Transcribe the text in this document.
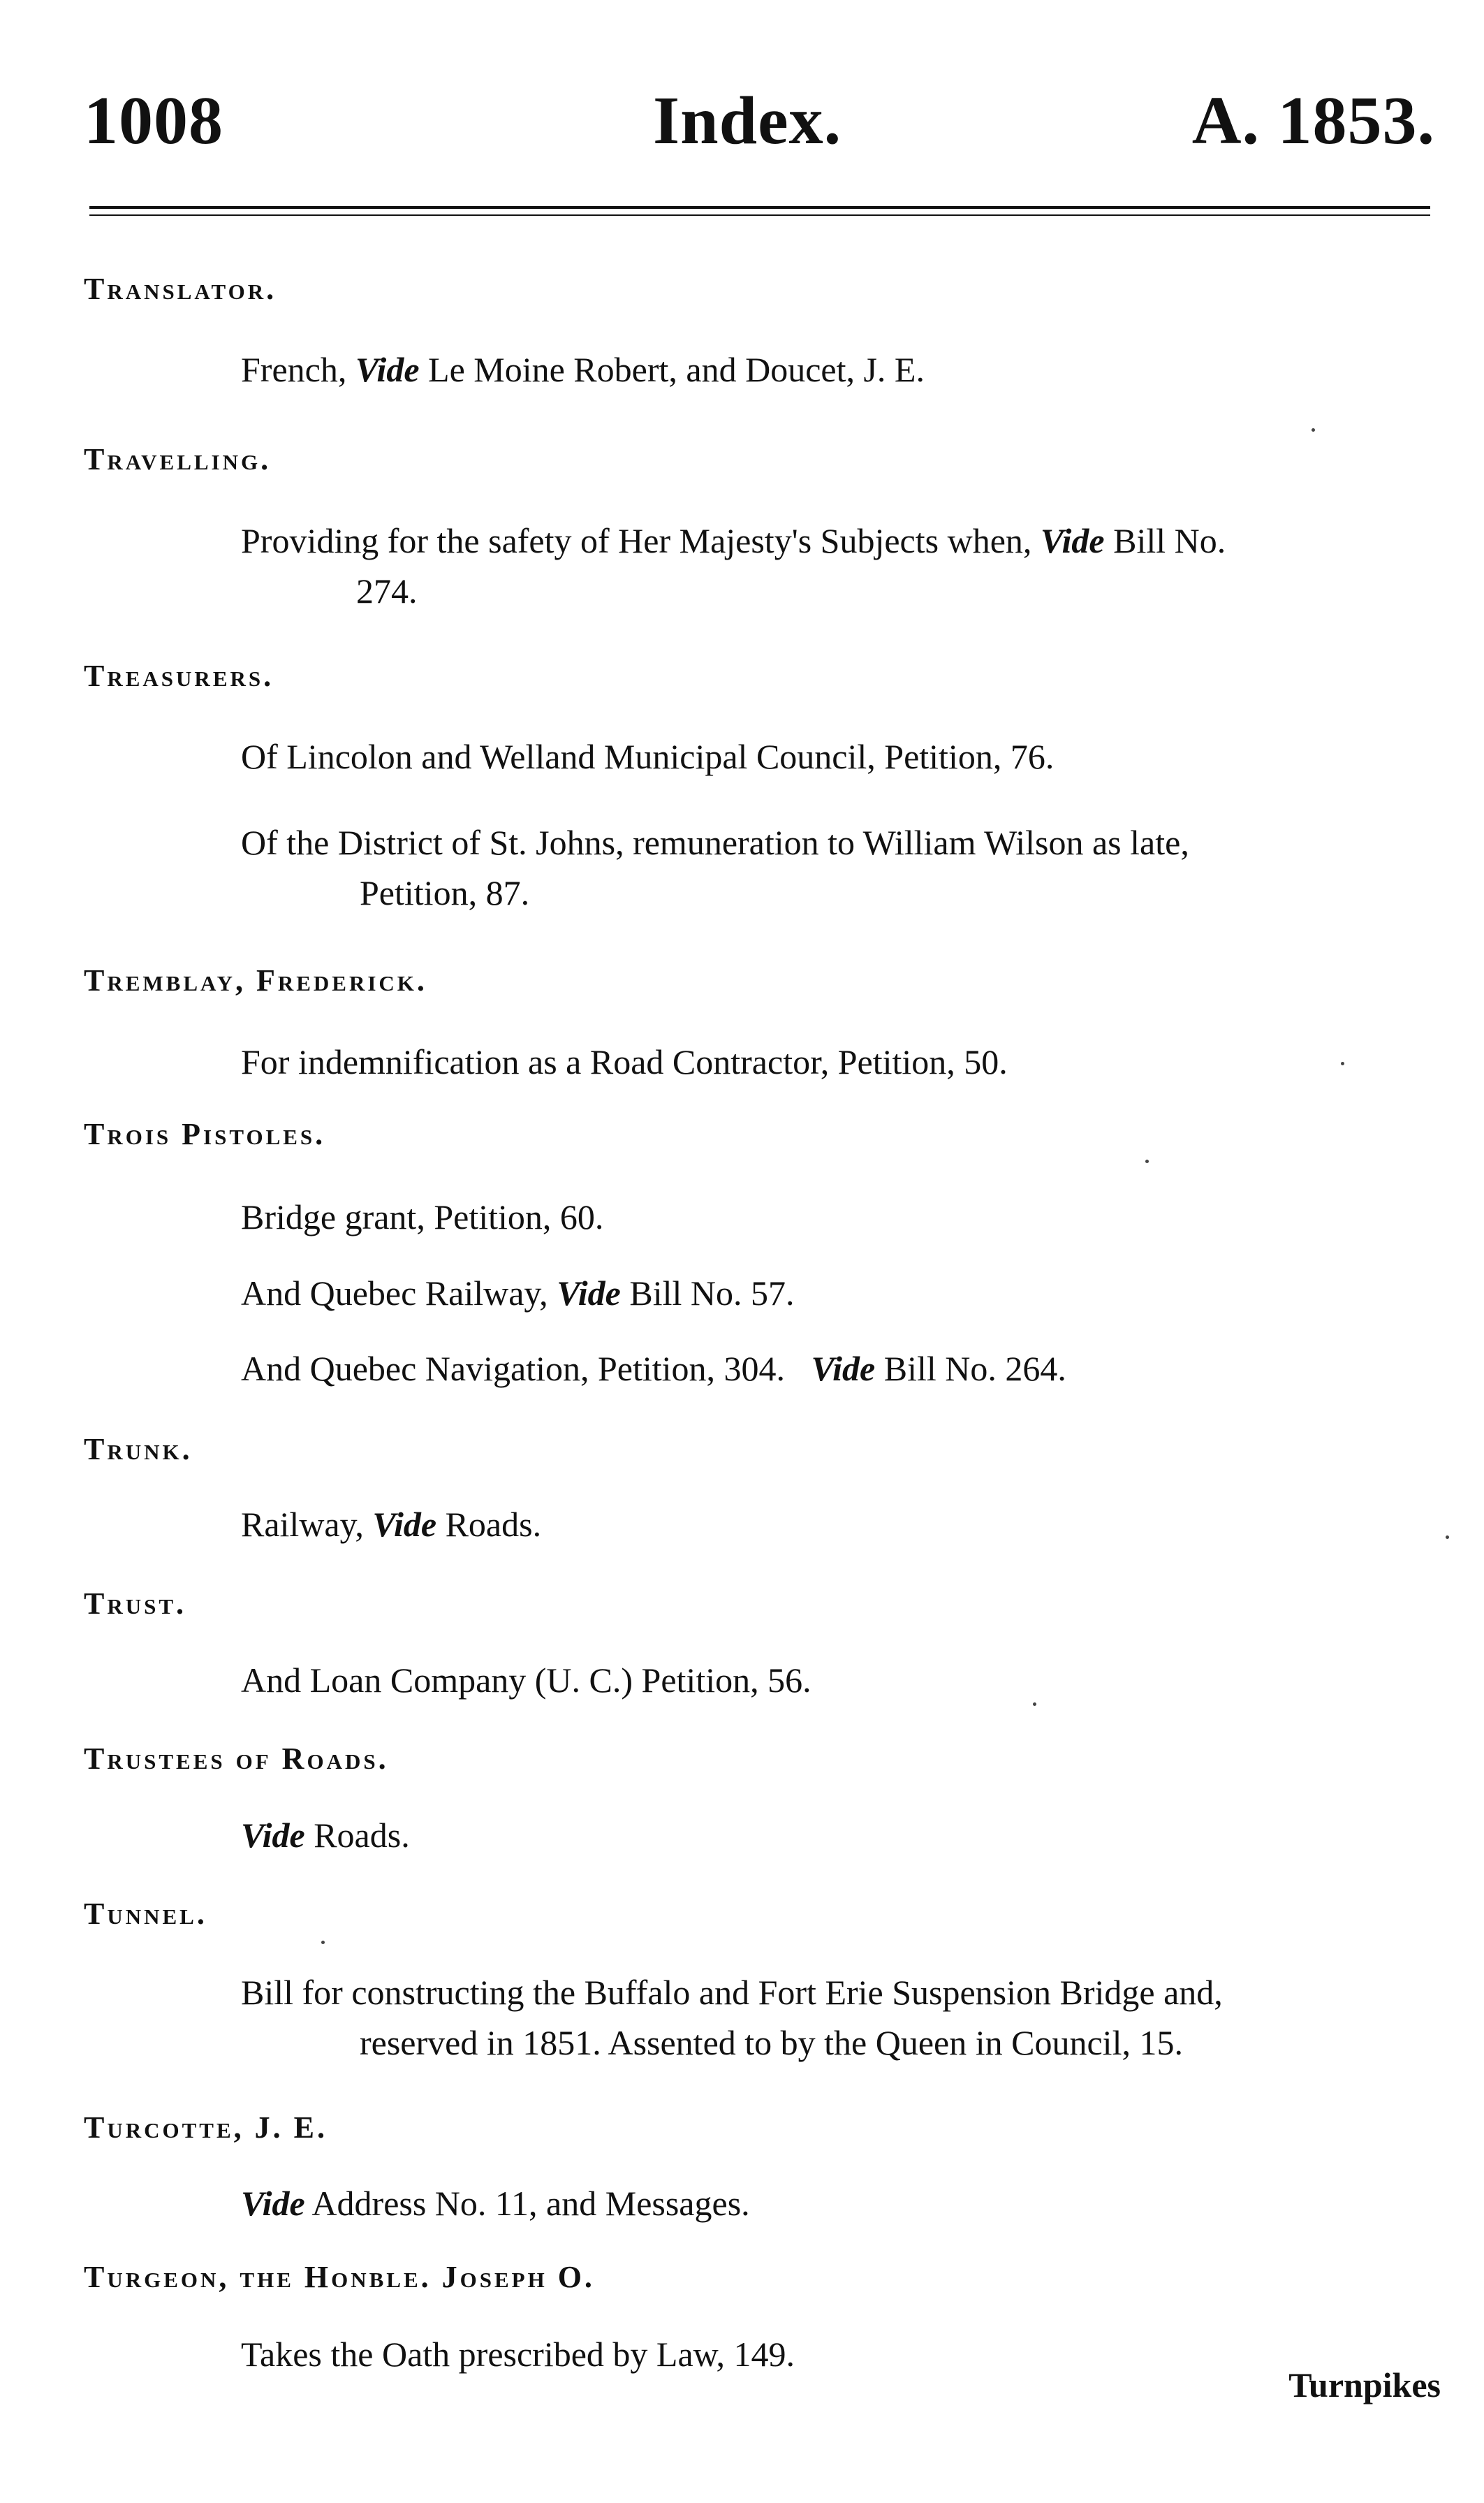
1008	Index.	A. 1853.
Translator.
French, Vide Le Moine Robert, and Doucet, J. E.
Travelling.
Providing for the safety of Her Majesty's Subjects when, Vide Bill No.
274.
Treasurers.
Of Lincolon and Welland Municipal Council, Petition, 76.
Of the District of St. Johns, remuneration to William Wilson as late,
Petition, 87.
Tremblay, Frederick.
For indemnification as a Road Contractor, Petition, 50.
Trois Pistoles.
Bridge grant, Petition, 60.
And Quebec Railway, Vide Bill No. 57.
And Quebec Navigation, Petition, 304.   Vide Bill No. 264.
Trunk.
Railway, Vide Roads.
Trust.
And Loan Company (U. C.) Petition, 56.
Trustees of Roads.
Vide Roads.
Tunnel.
Bill for constructing the Buffalo and Fort Erie Suspension Bridge and,
reserved in 1851. Assented to by the Queen in Council, 15.
Turcotte, J. E.
Vide Address No. 11, and Messages.
Turgeon, the Honble. Joseph O.
Takes the Oath prescribed by Law, 149.
Turnpikes
